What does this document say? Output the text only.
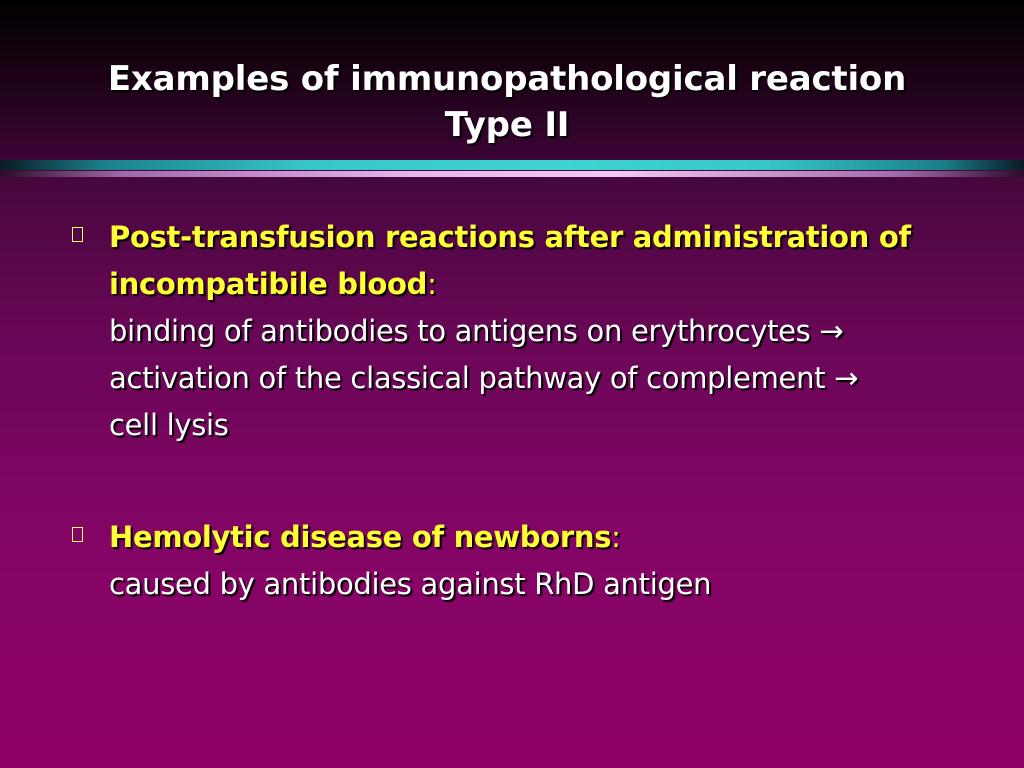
Examples of immunopathological reaction
Type II
Post-transfusion reactions after administration of
incompatibile blood:
binding of antibodies to antigens on erythrocytes →
activation of the classical pathway of complement →
cell lysis
Hemolytic disease of newborns:
caused by antibodies against RhD antigen
